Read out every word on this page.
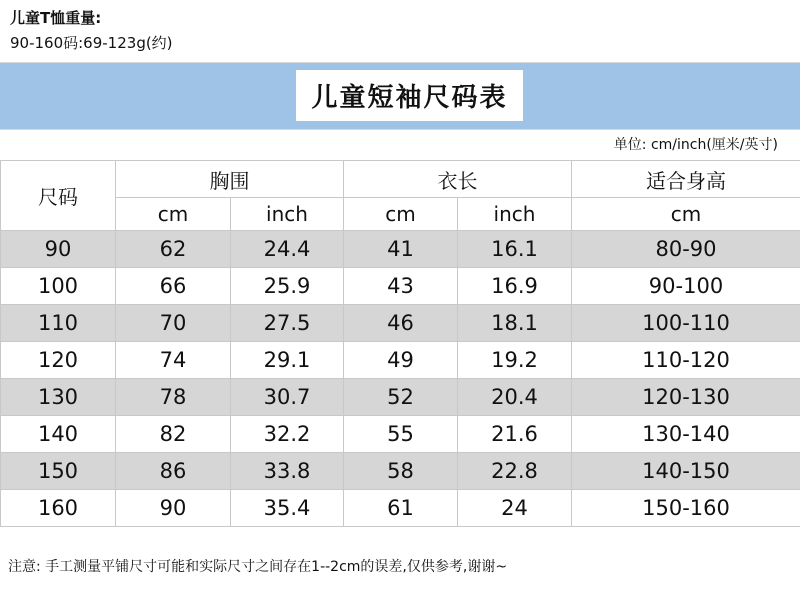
儿童T恤重量:
90-160码:69-123g(约)
儿童短袖尺码表
单位: cm/inch(厘米/英寸)
尺码	胸围		衣长		适合身高
	cm	inch	cm	inch	cm
90	62	24.4	41	16.1	80-90
100	66	25.9	43	16.9	90-100
110	70	27.5	46	18.1	100-110
120	74	29.1	49	19.2	110-120
130	78	30.7	52	20.4	120-130
140	82	32.2	55	21.6	130-140
150	86	33.8	58	22.8	140-150
160	90	35.4	61	24	150-160
注意: 手工测量平铺尺寸可能和实际尺寸之间存在1--2cm的误差,仅供参考,谢谢~
